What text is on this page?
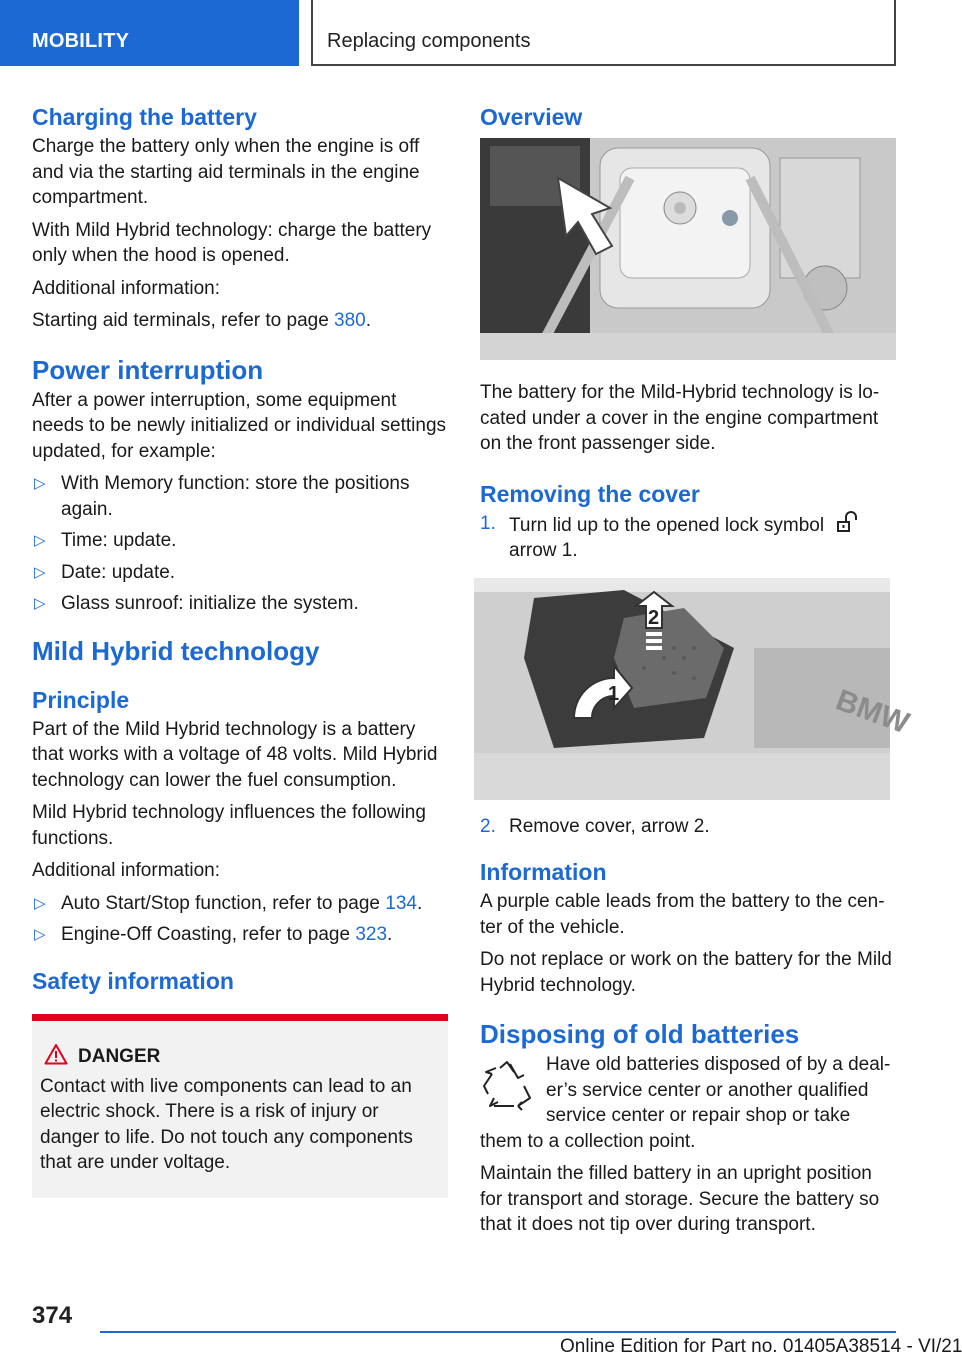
MOBILITY	Replacing components
Charging the battery

Charge the battery only when the engine is off and via the starting aid terminals in the engine compartment.

With Mild Hybrid technology: charge the battery only when the hood is opened.

Additional information:

Starting aid terminals, refer to page 380.

Power interruption

After a power interruption, some equipment needs to be newly initialized or individual settings updated, for example:

▷ With Memory function: store the positions again.
▷ Time: update.
▷ Date: update.
▷ Glass sunroof: initialize the system.
Mild Hybrid technology
Principle

Part of the Mild Hybrid technology is a battery that works with a voltage of 48 volts. Mild Hybrid technology can lower the fuel consumption.

Mild Hybrid technology influences the following functions.

Additional information:

▷ Auto Start/Stop function, refer to page 134.
▷ Engine-Off Coasting, refer to page 323.
Safety information
DANGER

Contact with live components can lead to an electric shock. There is a risk of injury or danger to life. Do not touch any components that are under voltage.

Overview

The battery for the Mild-Hybrid technology is located under a cover in the engine compartment on the front passenger side.

Removing the cover
1. Turn lid up to the opened lock symbol
arrow 1.
BMW
2
1
2. Remove cover, arrow 2.
Information

A purple cable leads from the battery to the center of the vehicle.

Do not replace or work on the battery for the Mild Hybrid technology.

Disposing of old batteries

Have old batteries disposed of by a dealer’s service center or another qualified service center or repair shop or take them to a collection point.

Maintain the filled battery in an upright position for transport and storage. Secure the battery so that it does not tip over during transport.

374
Online Edition for Part no. 01405A38514 - VI/21
